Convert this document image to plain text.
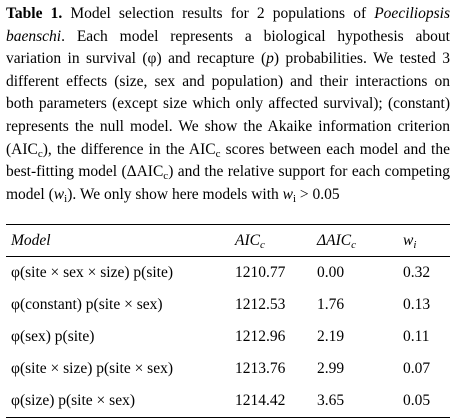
Table 1. Model selection results for 2 populations of Poeciliopsis baenschi. Each model represents a biological hypothesis about variation in survival (φ) and recapture (p) probabilities. We tested 3 different effects (size, sex and population) and their interactions on both parameters (except size which only affected survival); (constant) represents the null model. We show the Akaike information criterion $(AIC_c)$, the difference in the $AIC_c$ scores between each model and the best-fitting model $(\Delta AIC_c)$ and the relative support for each competing model $(w_i)$. We only show here models with $w_i > 0.05$

Model	$AIC_c$	$\Delta AIC_c$	$w_i$
φ(site × sex × size) p(site)	1210.77	0.00	0.32
φ(constant) p(site × sex)	1212.53	1.76	0.13
φ(sex) p(site)	1212.96	2.19	0.11
φ(site × size) p(site × sex)	1213.76	2.99	0.07
φ(size) p(site × sex)	1214.42	3.65	0.05
